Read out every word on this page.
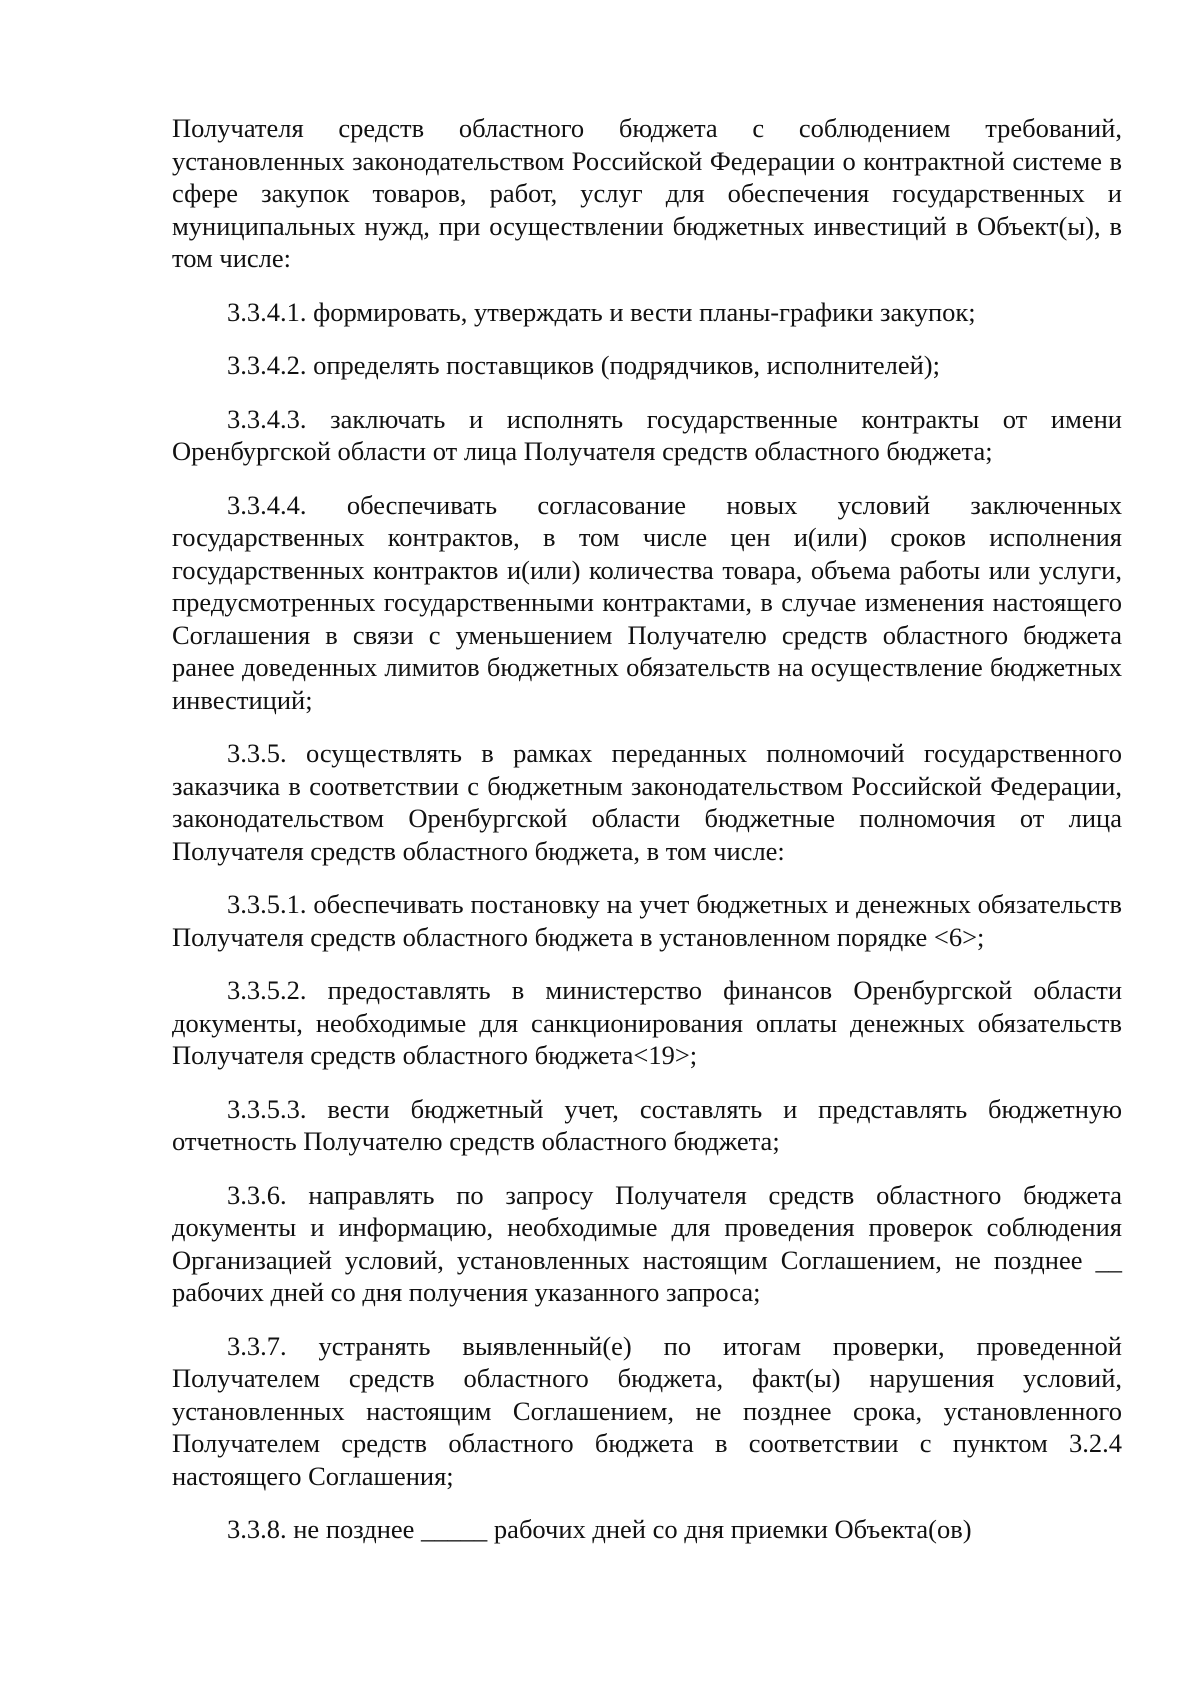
Получателя средств областного бюджета с соблюдением требований, установленных законодательством Российской Федерации о контрактной системе в сфере закупок товаров, работ, услуг для обеспечения государственных и муниципальных нужд, при осуществлении бюджетных инвестиций в Объект(ы), в том числе:

3.3.4.1. формировать, утверждать и вести планы-графики закупок;

3.3.4.2. определять поставщиков (подрядчиков, исполнителей);

3.3.4.3. заключать и исполнять государственные контракты от имени Оренбургской области от лица Получателя средств областного бюджета;

3.3.4.4. обеспечивать согласование новых условий заключенных государственных контрактов, в том числе цен и(или) сроков исполнения государственных контрактов и(или) количества товара, объема работы или услуги, предусмотренных государственными контрактами, в случае изменения настоящего Соглашения в связи с уменьшением Получателю средств областного бюджета ранее доведенных лимитов бюджетных обязательств на осуществление бюджетных инвестиций;

3.3.5. осуществлять в рамках переданных полномочий государственного заказчика в соответствии с бюджетным законодательством Российской Федерации, законодательством Оренбургской области бюджетные полномочия от лица Получателя средств областного бюджета, в том числе:

3.3.5.1. обеспечивать постановку на учет бюджетных и денежных обязательств Получателя средств областного бюджета в установленном порядке <6>;

3.3.5.2. предоставлять в министерство финансов Оренбургской области документы, необходимые для санкционирования оплаты денежных обязательств Получателя средств областного бюджета<19>;

3.3.5.3. вести бюджетный учет, составлять и представлять бюджетную отчетность Получателю средств областного бюджета;

3.3.6. направлять по запросу Получателя средств областного бюджета документы и информацию, необходимые для проведения проверок соблюдения Организацией условий, установленных настоящим Соглашением, не позднее __ рабочих дней со дня получения указанного запроса;

3.3.7. устранять выявленный(е) по итогам проверки, проведенной Получателем средств областного бюджета, факт(ы) нарушения условий, установленных настоящим Соглашением, не позднее срока, установленного Получателем средств областного бюджета в соответствии с пунктом 3.2.4 настоящего Соглашения;

3.3.8. не позднее _____ рабочих дней со дня приемки Объекта(ов)
